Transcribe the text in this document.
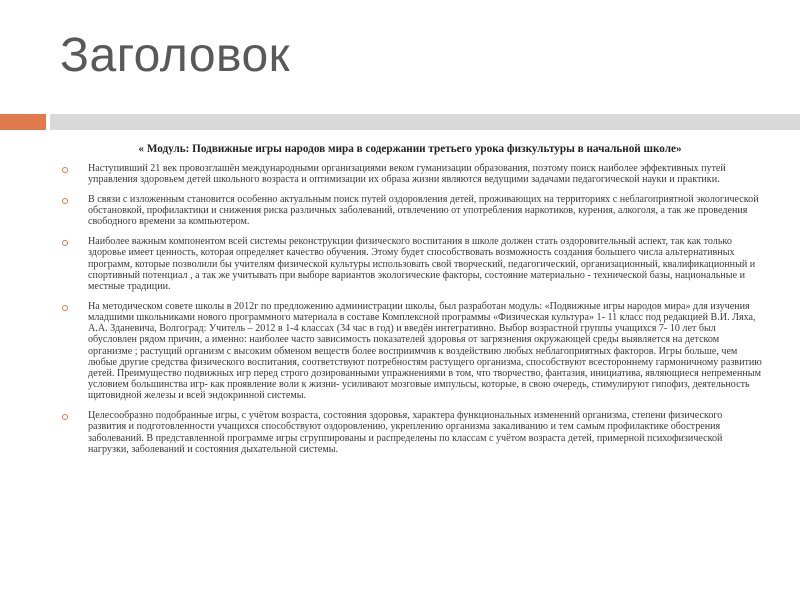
Заголовок
« Модуль: Подвижные игры народов мира в содержании третьего урока физкультуры в начальной школе»
Наступивший 21 век провозглашён международными организациями веком гуманизации образования, поэтому поиск наиболее эффективных путей управления здоровьем детей школьного возраста и оптимизации их образа жизни являются ведущими задачами педагогической науки и практики.
В связи с изложенным становится особенно актуальным поиск путей оздоровления детей, проживающих на территориях с неблагоприятной экологической обстановкой, профилактики и снижения риска различных заболеваний, отвлечению от употребления наркотиков, курения, алкоголя, а так же проведения свободного времени за компьютером.
Наиболее важным компонентом всей системы реконструкции физического воспитания в школе должен стать оздоровительный аспект, так как только здоровье имеет ценность, которая определяет качество обучения. Этому будет способствовать возможность создания большего числа альтернативных программ, которые позволили бы учителям физической культуры использовать свой творческий, педагогический, организационный, квалификационный и спортивный потенциал , а так же учитывать при выборе вариантов экологические факторы, состояние материально - технической базы, национальные и местные традиции.
На методическом совете школы в 2012г по предложению администрации школы, был разработан модуль: «Подвижные игры народов мира» для изучения младшими школьниками нового программного материала в составе Комплексной программы «Физическая культура» 1- 11 класс под редакцией В.И. Ляха, А.А. Зданевича, Волгоград: Учитель – 2012 в 1-4 классах (34 час в год) и введён интегративно. Выбор возрастной группы учащихся 7- 10 лет был обусловлен рядом причин, а именно: наиболее часто зависимость показателей здоровья от загрязнения окружающей среды выявляется на детском организме ; растущий организм с высоким обменом веществ более восприимчив к воздействию любых неблагоприятных факторов. Игры больше, чем любые другие средства физического воспитания, соответствуют потребностям растущего организма, способствуют всестороннему гармоничному развитию детей. Преимущество подвижных игр перед строго дозированными упражнениями в том, что творчество, фантазия, инициатива, являющиеся непременным условием большинства игр- как проявление воли к жизни- усиливают мозговые импульсы, которые, в свою очередь, стимулируют гипофиз, деятельность щитовидной железы и всей эндокринной системы.
Целесообразно подобранные игры, с учётом возраста, состояния здоровья, характера функциональных изменений организма, степени физического развития и подготовленности учащихся способствуют оздоровлению, укреплению организма закаливанию и тем самым профилактике обострения заболеваний. В представленной программе игры сгруппированы и распределены по классам с учётом возраста детей, примерной психофизической нагрузки, заболеваний и состояния дыхательной системы.
